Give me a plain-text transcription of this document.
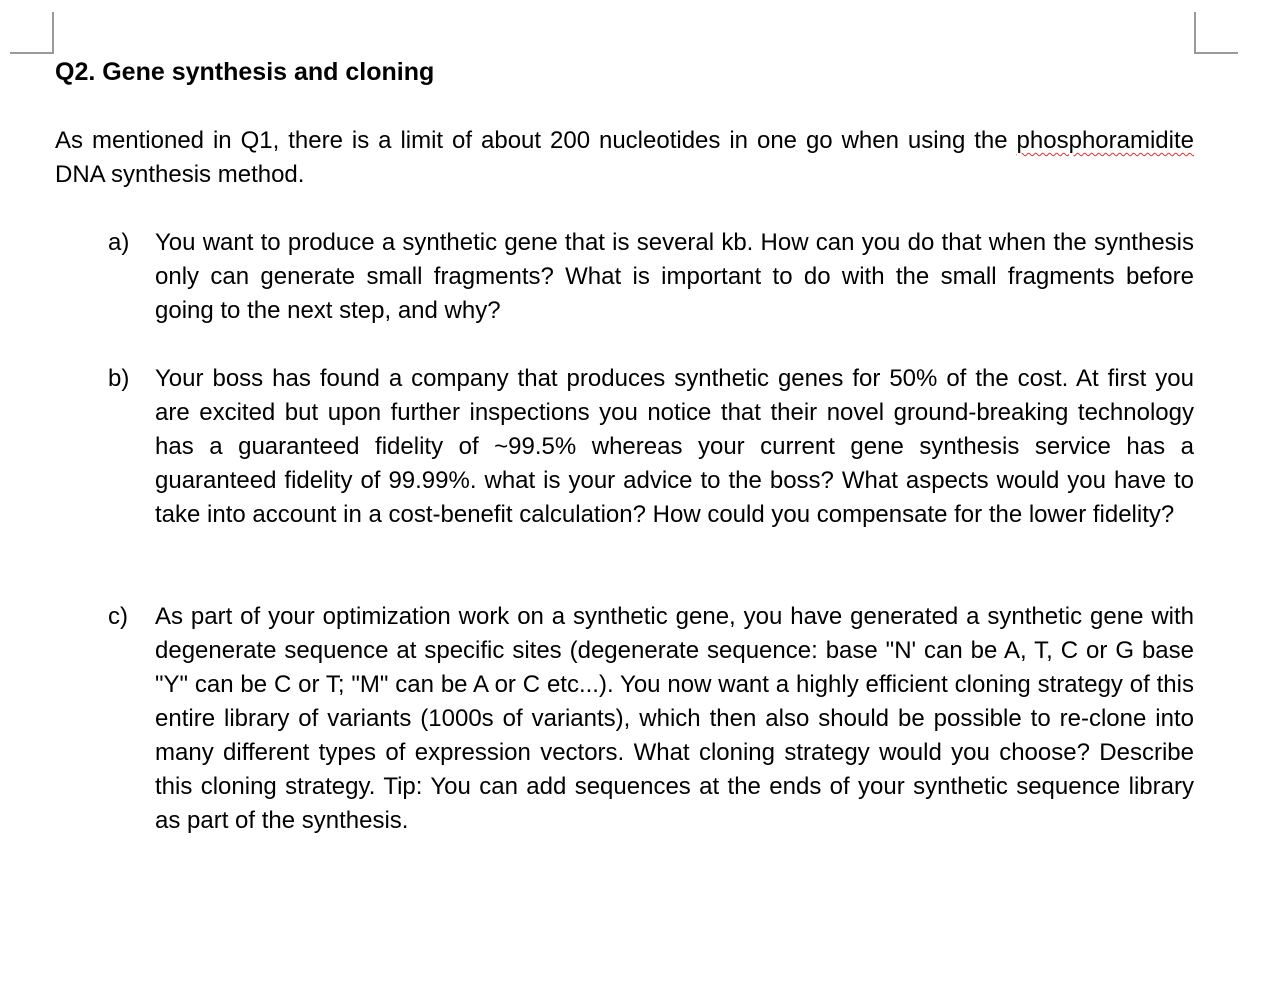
Q2. Gene synthesis and cloning
As mentioned in Q1, there is a limit of about 200 nucleotides in one go when using the phosphoramidite DNA synthesis method.
a)	You want to produce a synthetic gene that is several kb. How can you do that when the synthesis only can generate small fragments? What is important to do with the small fragments before going to the next step, and why?
b)	Your boss has found a company that produces synthetic genes for 50% of the cost. At first you are excited but upon further inspections you notice that their novel ground-breaking technology has a guaranteed fidelity of ~99.5% whereas your current gene synthesis service has a guaranteed fidelity of 99.99%. what is your advice to the boss? What aspects would you have to take into account in a cost-benefit calculation? How could you compensate for the lower fidelity?
c)	As part of your optimization work on a synthetic gene, you have generated a synthetic gene with degenerate sequence at specific sites (degenerate sequence: base "N' can be A, T, C or G base "Y" can be C or T; "M" can be A or C etc...). You now want a highly efficient cloning strategy of this entire library of variants (1000s of variants), which then also should be possible to re-clone into many different types of expression vectors. What cloning strategy would you choose? Describe this cloning strategy. Tip: You can add sequences at the ends of your synthetic sequence library as part of the synthesis.
